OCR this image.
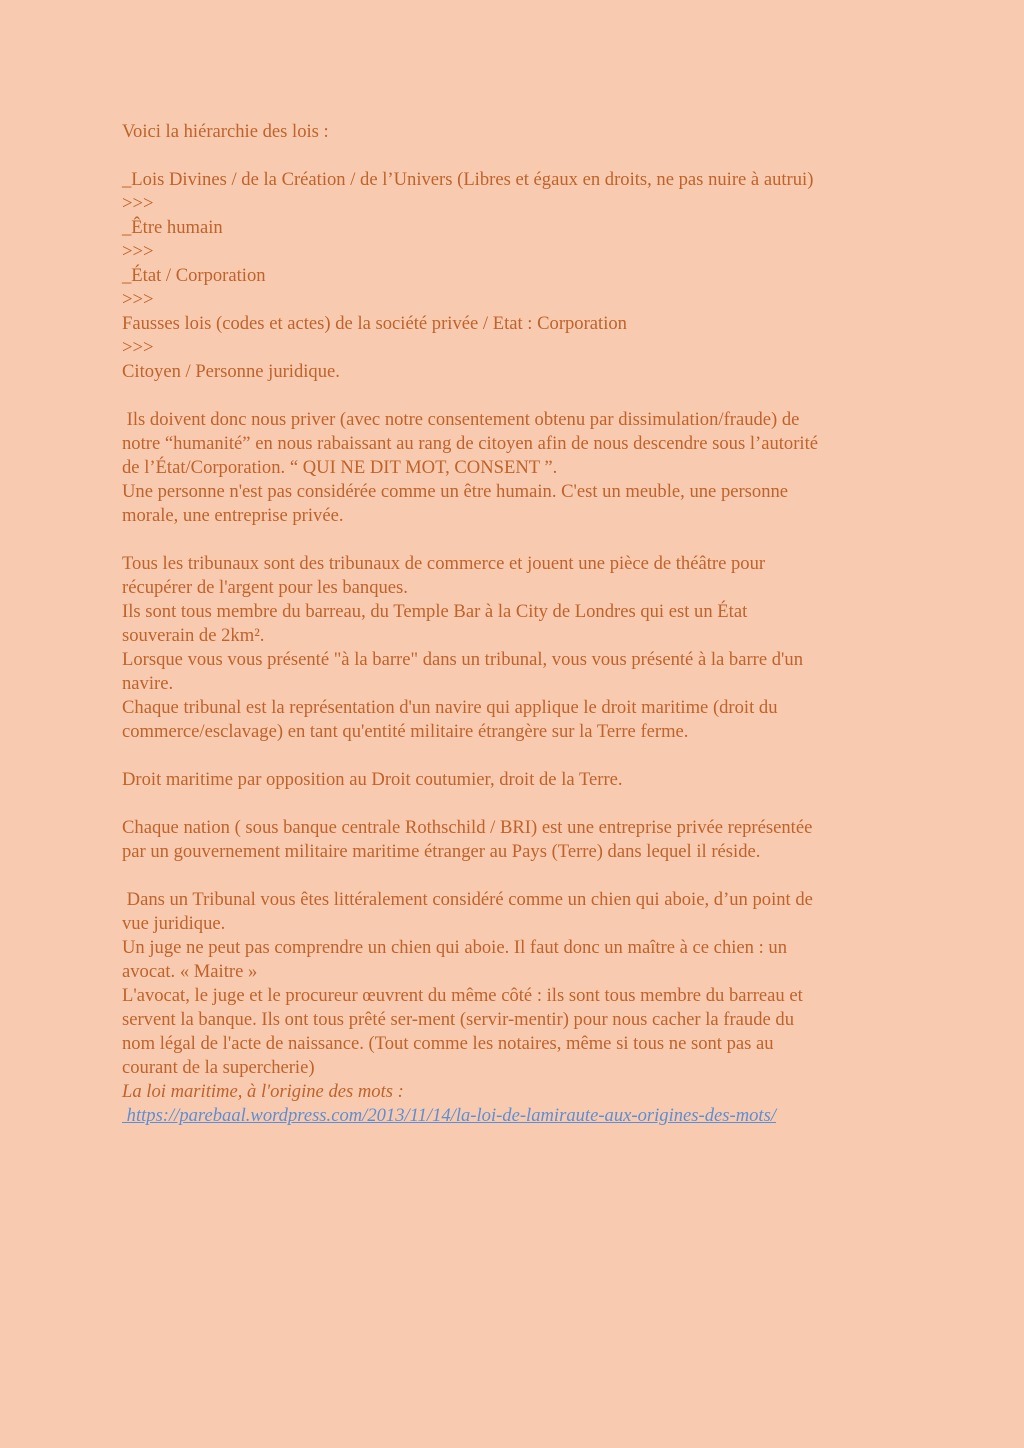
Voici la hiérarchie des lois :
_Lois Divines / de la Création / de l’Univers (Libres et égaux en droits, ne pas nuire à autrui)
>>>
_Être humain
>>>
_État / Corporation
>>>
Fausses lois (codes et actes) de la société privée / Etat : Corporation
>>>
Citoyen / Personne juridique.
Ils doivent donc nous priver (avec notre consentement obtenu par dissimulation/fraude) de
notre “humanité” en nous rabaissant au rang de citoyen afin de nous descendre sous l’autorité
de l’État/Corporation. “ QUI NE DIT MOT, CONSENT ”.
Une personne n'est pas considérée comme un être humain. C'est un meuble, une personne
morale, une entreprise privée.
Tous les tribunaux sont des tribunaux de commerce et jouent une pièce de théâtre pour
récupérer de l'argent pour les banques.
Ils sont tous membre du barreau, du Temple Bar à la City de Londres qui est un État
souverain de 2km².
Lorsque vous vous présenté "à la barre" dans un tribunal, vous vous présenté à la barre d'un
navire.
Chaque tribunal est la représentation d'un navire qui applique le droit maritime (droit du
commerce/esclavage) en tant qu'entité militaire étrangère sur la Terre ferme.
Droit maritime par opposition au Droit coutumier, droit de la Terre.
Chaque nation ( sous banque centrale Rothschild / BRI) est une entreprise privée représentée
par un gouvernement militaire maritime étranger au Pays (Terre) dans lequel il réside.
Dans un Tribunal vous êtes littéralement considéré comme un chien qui aboie, d’un point de
vue juridique.
Un juge ne peut pas comprendre un chien qui aboie. Il faut donc un maître à ce chien : un
avocat. « Maitre »
L'avocat, le juge et le procureur œuvrent du même côté : ils sont tous membre du barreau et
servent la banque. Ils ont tous prêté ser-ment (servir-mentir) pour nous cacher la fraude du
nom légal de l'acte de naissance. (Tout comme les notaires, même si tous ne sont pas au
courant de la supercherie)
La loi maritime, à l'origine des mots :
https://parebaal.wordpress.com/2013/11/14/la-loi-de-lamiraute-aux-origines-des-mots/
